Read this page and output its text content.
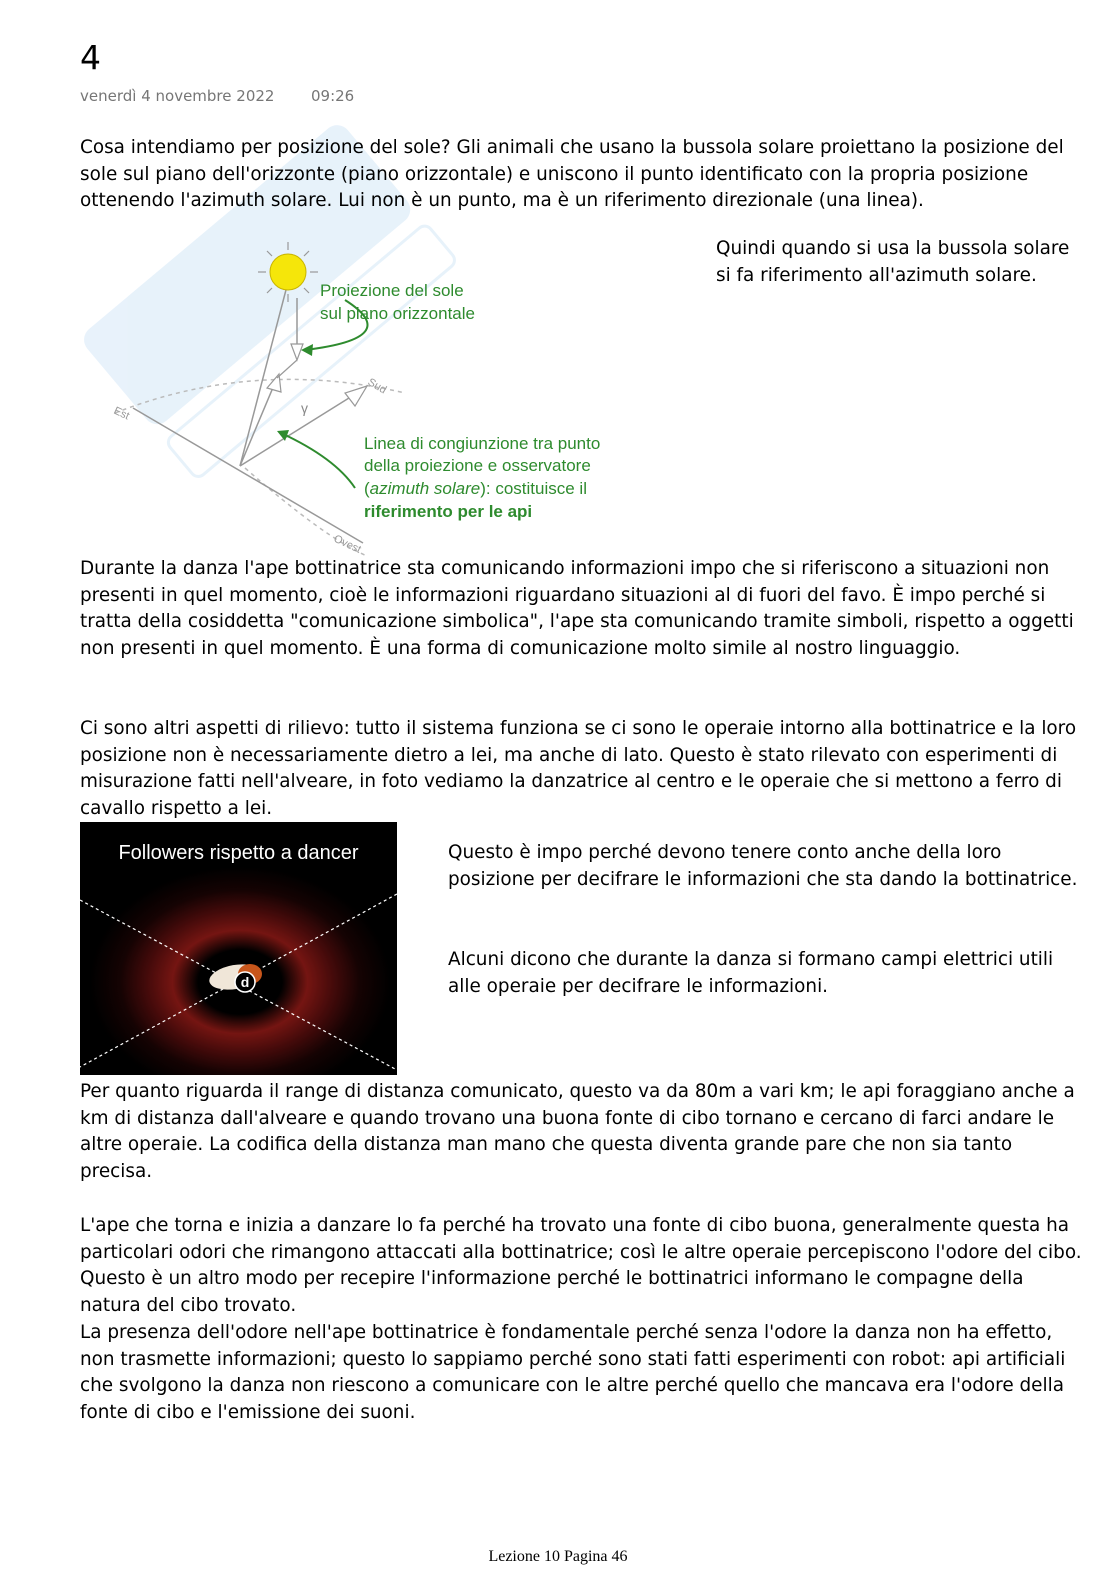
4
venerdì 4 novembre 2022 09:26

Cosa intendiamo per posizione del sole? Gli animali che usano la bussola solare proiettano la posizione del sole sul piano dell'orizzonte (piano orizzontale) e uniscono il punto identificato con la propria posizione ottenendo l'azimuth solare. Lui non è un punto, ma è un riferimento direzionale (una linea).

Quindi quando si usa la bussola solare si fa riferimento all'azimuth solare.

Proiezione del sole
sul piano orizzontale
Est
Sud
Ovest
γ
Linea di congiunzione tra punto
della proiezione e osservatore
(azimuth solare): costituisce il
riferimento per le api

Durante la danza l'ape bottinatrice sta comunicando informazioni impo che si riferiscono a situazioni non presenti in quel momento, cioè le informazioni riguardano situazioni al di fuori del favo. È impo perché si tratta della cosiddetta "comunicazione simbolica", l'ape sta comunicando tramite simboli, rispetto a oggetti non presenti in quel momento. È una forma di comunicazione molto simile al nostro linguaggio.

Ci sono altri aspetti di rilievo: tutto il sistema funziona se ci sono le operaie intorno alla bottinatrice e la loro posizione non è necessariamente dietro a lei, ma anche di lato. Questo è stato rilevato con esperimenti di misurazione fatti nell'alveare, in foto vediamo la danzatrice al centro e le operaie che si mettono a ferro di cavallo rispetto a lei.

d
Followers rispetto a dancer	Questo è impo perché devono tenere conto anche della loro posizione per decifrare le informazioni che sta dando la bottinatrice.

Alcuni dicono che durante la danza si formano campi elettrici utili alle operaie per decifrare le informazioni.

Per quanto riguarda il range di distanza comunicato, questo va da 80m a vari km; le api foraggiano anche a km di distanza dall'alveare e quando trovano una buona fonte di cibo tornano e cercano di farci andare le altre operaie. La codifica della distanza man mano che questa diventa grande pare che non sia tanto precisa.

L'ape che torna e inizia a danzare lo fa perché ha trovato una fonte di cibo buona, generalmente questa ha particolari odori che rimangono attaccati alla bottinatrice; così le altre operaie percepiscono l'odore del cibo. Questo è un altro modo per recepire l'informazione perché le bottinatrici informano le compagne della natura del cibo trovato.

La presenza dell'odore nell'ape bottinatrice è fondamentale perché senza l'odore la danza non ha effetto, non trasmette informazioni; questo lo sappiamo perché sono stati fatti esperimenti con robot: api artificiali che svolgono la danza non riescono a comunicare con le altre perché quello che mancava era l'odore della fonte di cibo e l'emissione dei suoni.

Lezione 10 Pagina 46
